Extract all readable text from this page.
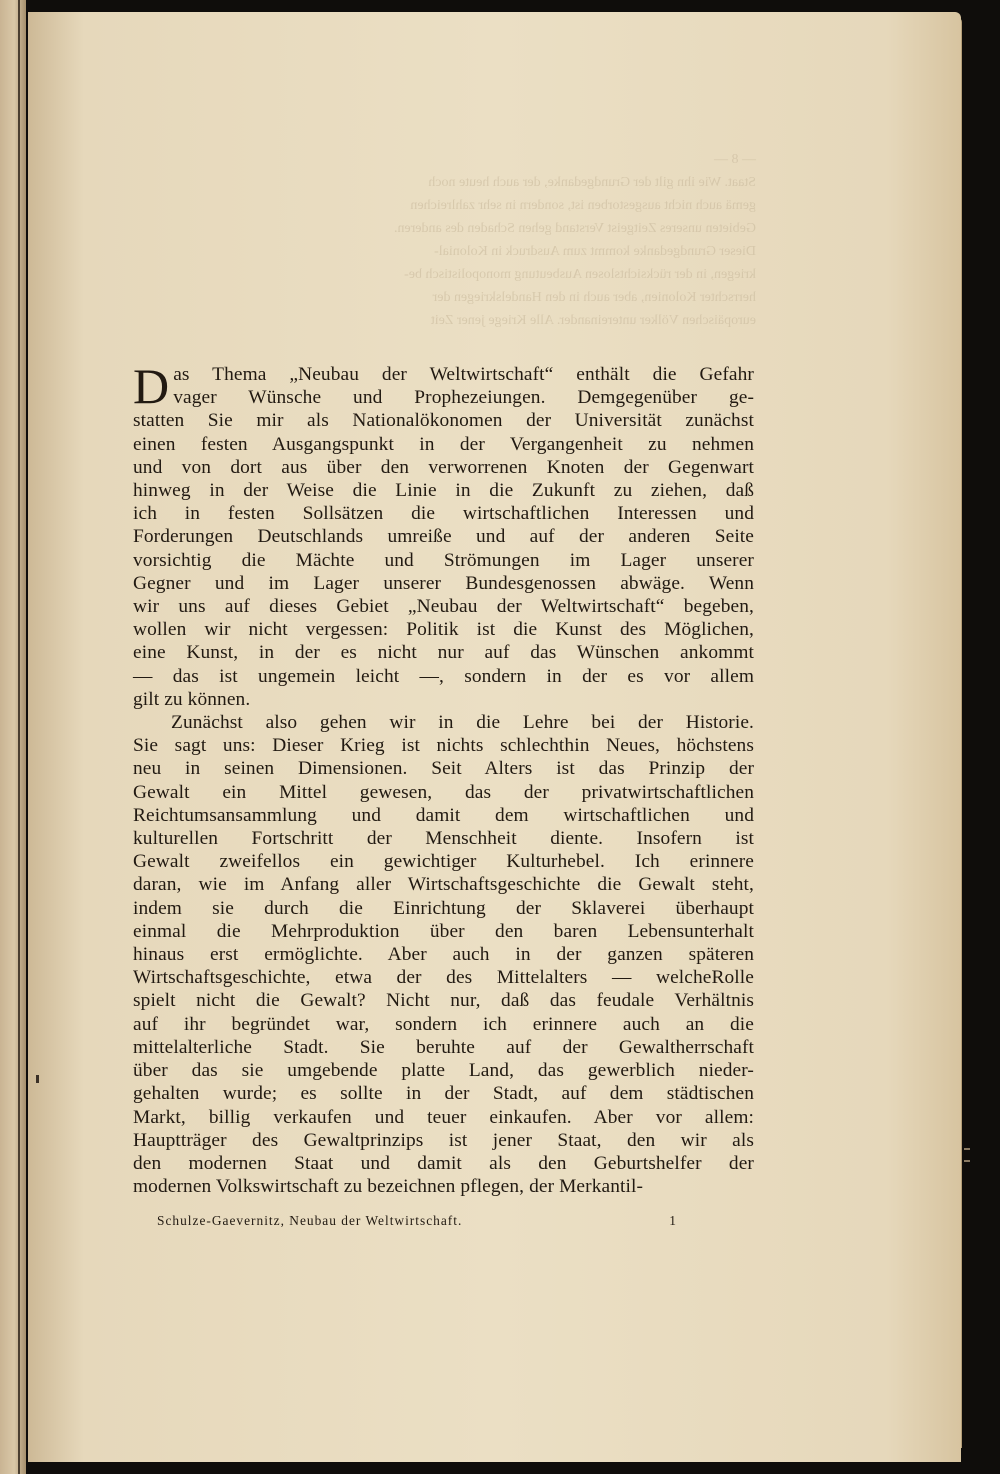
— 8 —
Staat. Wie ihn gilt der Grundgedanke, der auch heute noch
gemä auch nicht ausgestorben ist, sondern in sehr zahlreichen
Gebieten unseres Zeitgeist Verstand gehen Schaden des anderen.
Dieser Grundgedanke kommt zum Ausdruck in Kolonial-
kriegen, in der rücksichtslosen Ausbeutung monopolistisch be-
herrschter Kolonien, aber auch in den Handelskriegen der
europäischen Völker untereinander. Alle Kriege jener Zeit
D as Thema „Neubau der Weltwirtschaft“ enthält die Gefahr
vager Wünsche und Prophezeiungen. Demgegenüber ge-
statten Sie mir als Nationalökonomen der Universität zunächst
einen festen Ausgangspunkt in der Vergangenheit zu nehmen
und von dort aus über den verworrenen Knoten der Gegenwart
hinweg in der Weise die Linie in die Zukunft zu ziehen, daß
ich in festen Sollsätzen die wirtschaftlichen Interessen und
Forderungen Deutschlands umreiße und auf der anderen Seite
vorsichtig die Mächte und Strömungen im Lager unserer
Gegner und im Lager unserer Bundesgenossen abwäge. Wenn
wir uns auf dieses Gebiet „Neubau der Weltwirtschaft“ begeben,
wollen wir nicht vergessen: Politik ist die Kunst des Möglichen,
eine Kunst, in der es nicht nur auf das Wünschen ankommt
— das ist ungemein leicht —, sondern in der es vor allem
gilt zu können.
Zunächst also gehen wir in die Lehre bei der Historie.
Sie sagt uns: Dieser Krieg ist nichts schlechthin Neues, höchstens
neu in seinen Dimensionen. Seit Alters ist das Prinzip der
Gewalt ein Mittel gewesen, das der privatwirtschaftlichen
Reichtumsansammlung und damit dem wirtschaftlichen und
kulturellen Fortschritt der Menschheit diente. Insofern ist
Gewalt zweifellos ein gewichtiger Kulturhebel. Ich erinnere
daran, wie im Anfang aller Wirtschaftsgeschichte die Gewalt steht,
indem sie durch die Einrichtung der Sklaverei überhaupt
einmal die Mehrproduktion über den baren Lebensunterhalt
hinaus erst ermöglichte. Aber auch in der ganzen späteren
Wirtschaftsgeschichte, etwa der des Mittelalters — welcheRolle
spielt nicht die Gewalt? Nicht nur, daß das feudale Verhältnis
auf ihr begründet war, sondern ich erinnere auch an die
mittelalterliche Stadt. Sie beruhte auf der Gewaltherrschaft
über das sie umgebende platte Land, das gewerblich nieder-
gehalten wurde; es sollte in der Stadt, auf dem städtischen
Markt, billig verkaufen und teuer einkaufen. Aber vor allem:
Hauptträger des Gewaltprinzips ist jener Staat, den wir als
den modernen Staat und damit als den Geburtshelfer der
modernen Volkswirtschaft zu bezeichnen pflegen, der Merkantil-
Schulze-Gaevernitz, Neubau der Weltwirtschaft.	1
